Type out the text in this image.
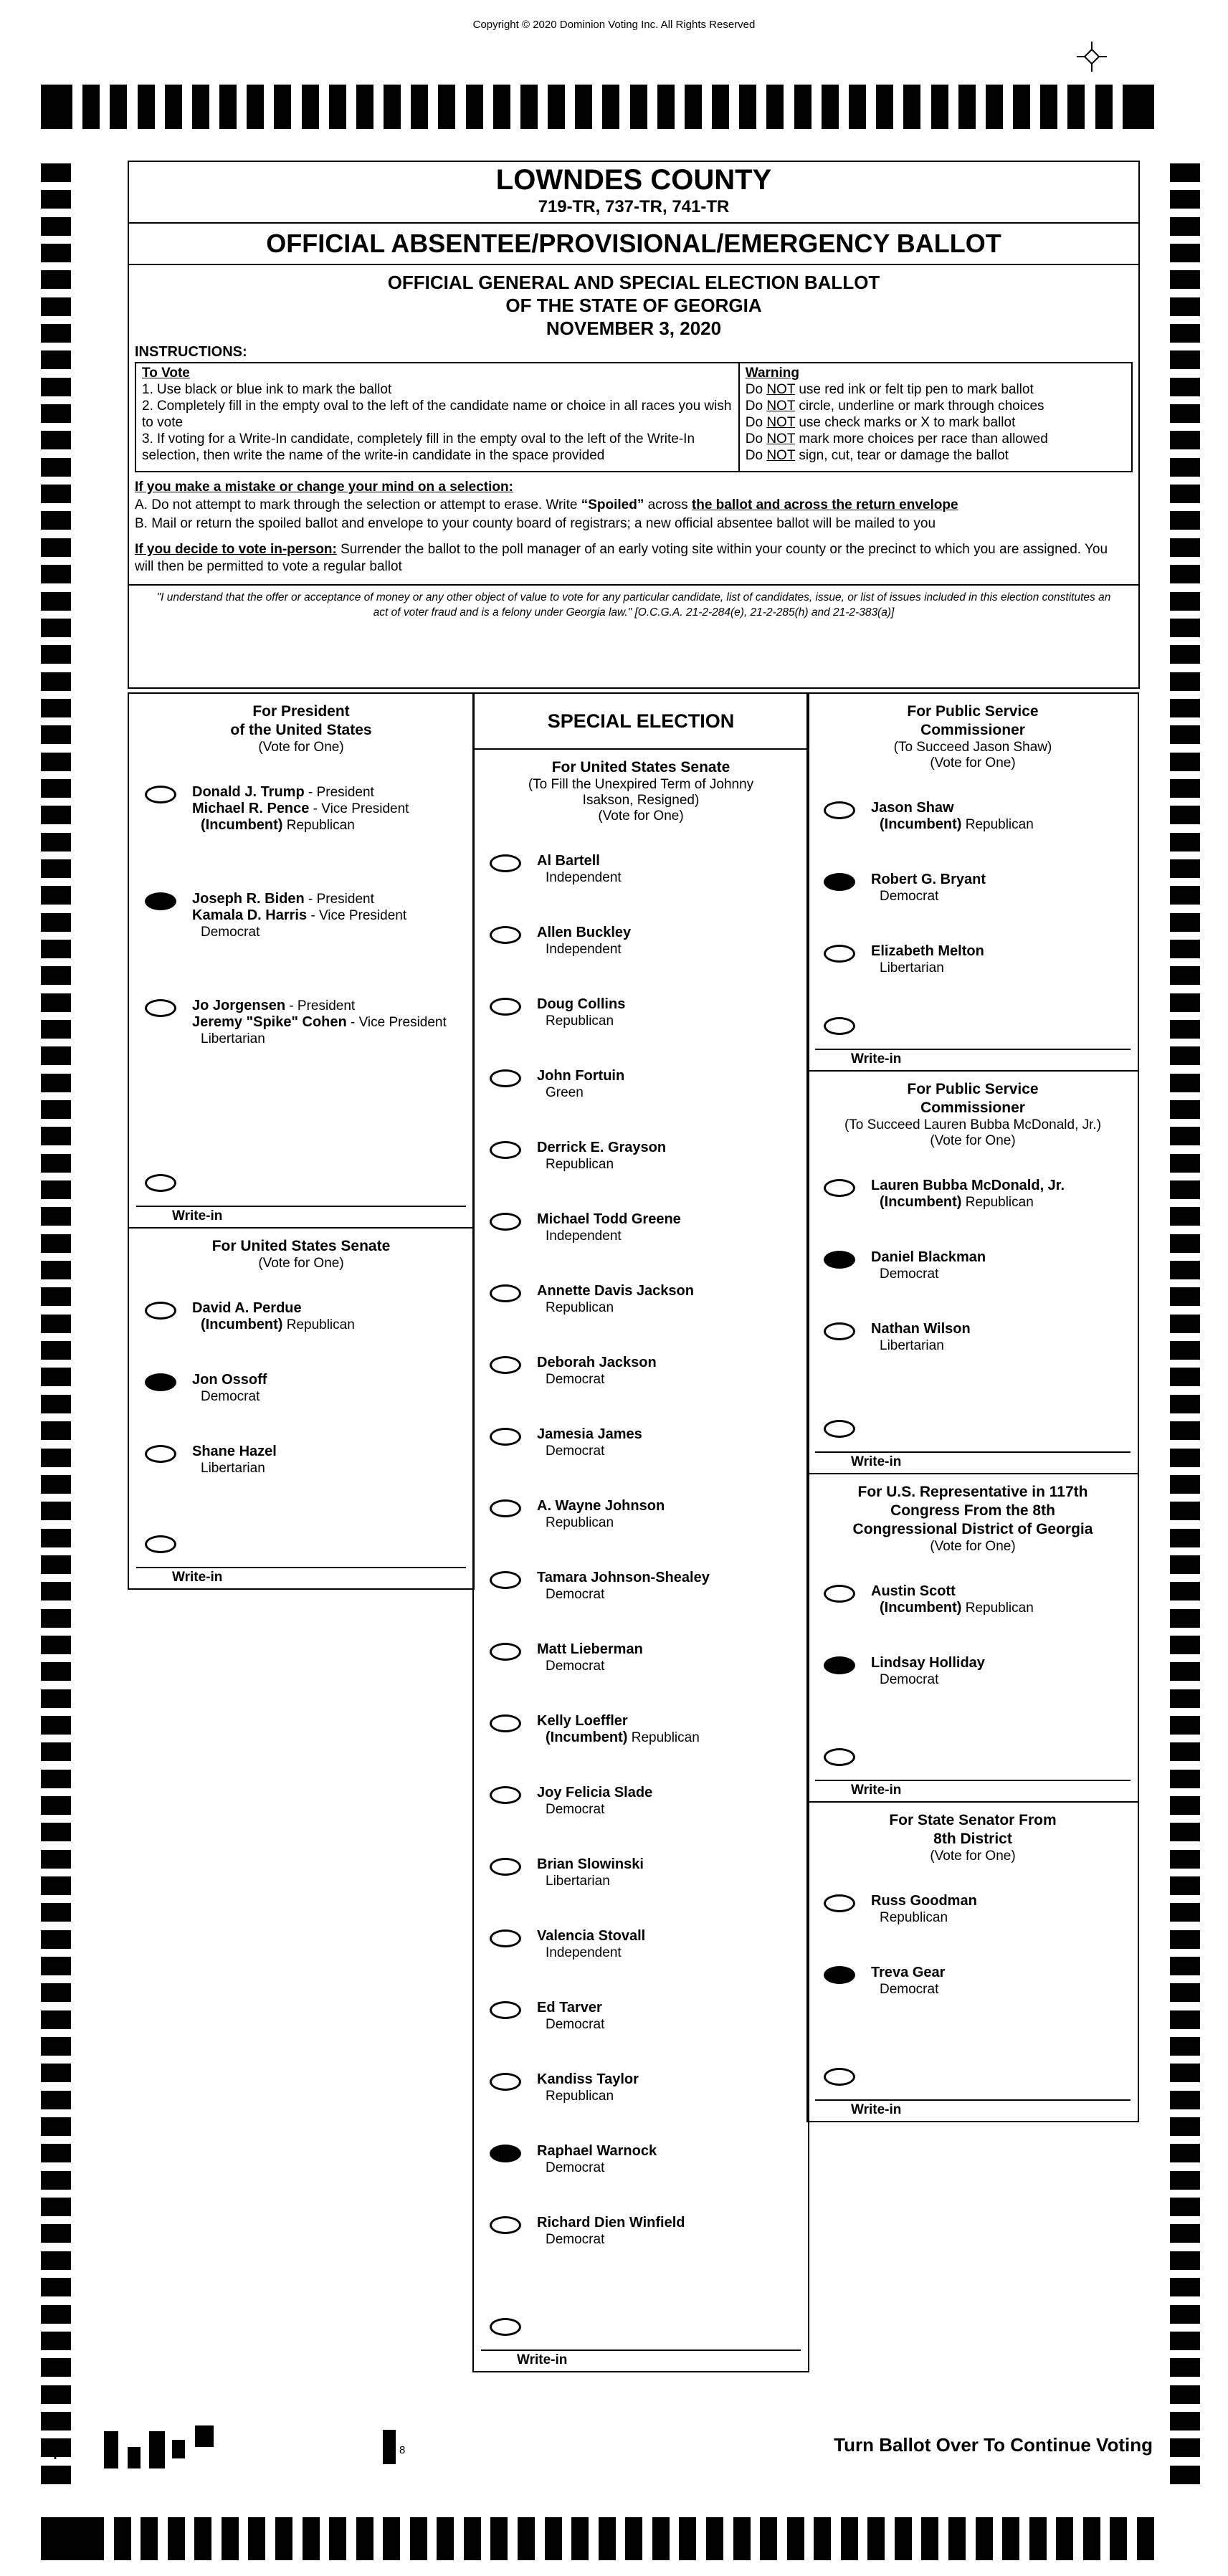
Copyright © 2020 Dominion Voting Inc. All Rights Reserved
LOWNDES COUNTY
719-TR, 737-TR, 741-TR
OFFICIAL ABSENTEE/PROVISIONAL/EMERGENCY BALLOT
OFFICIAL GENERAL AND SPECIAL ELECTION BALLOT
OF THE STATE OF GEORGIA
NOVEMBER 3, 2020
INSTRUCTIONS:
To Vote
1. Use black or blue ink to mark the ballot
2. Completely fill in the empty oval to the left of the candidate name or choice in all races you wish to vote
3. If voting for a Write-In candidate, completely fill in the empty oval to the left of the Write-In selection, then write the name of the write-in candidate in the space provided
Warning
Do NOT use red ink or felt tip pen to mark ballot
Do NOT circle, underline or mark through choices
Do NOT use check marks or X to mark ballot
Do NOT mark more choices per race than allowed
Do NOT sign, cut, tear or damage the ballot
If you make a mistake or change your mind on a selection:
A. Do not attempt to mark through the selection or attempt to erase. Write “Spoiled” across the ballot and across the return envelope
B. Mail or return the spoiled ballot and envelope to your county board of registrars; a new official absentee ballot will be mailed to you
If you decide to vote in-person: Surrender the ballot to the poll manager of an early voting site within your county or the precinct to which you are assigned. You will then be permitted to vote a regular ballot
"I understand that the offer or acceptance of money or any other object of value to vote for any particular candidate, list of candidates, issue, or list of issues included in this election constitutes an act of voter fraud and is a felony under Georgia law." [O.C.G.A. 21-2-284(e), 21-2-285(h) and 21-2-383(a)]
For President
of the United States
(Vote for One)
Donald J. Trump - President
Michael R. Pence - Vice President
(Incumbent) Republican
Joseph R. Biden - President
Kamala D. Harris - Vice President
Democrat
Jo Jorgensen - President
Jeremy "Spike" Cohen - Vice President
Libertarian
Write-in
For United States Senate
(Vote for One)
David A. Perdue
(Incumbent) Republican
Jon Ossoff
Democrat
Shane Hazel
Libertarian
Write-in
SPECIAL ELECTION
For United States Senate
(To Fill the Unexpired Term of Johnny
Isakson, Resigned)
(Vote for One)
Al Bartell
Independent
Allen Buckley
Independent
Doug Collins
Republican
John Fortuin
Green
Derrick E. Grayson
Republican
Michael Todd Greene
Independent
Annette Davis Jackson
Republican
Deborah Jackson
Democrat
Jamesia James
Democrat
A. Wayne Johnson
Republican
Tamara Johnson-Shealey
Democrat
Matt Lieberman
Democrat
Kelly Loeffler
(Incumbent) Republican
Joy Felicia Slade
Democrat
Brian Slowinski
Libertarian
Valencia Stovall
Independent
Ed Tarver
Democrat
Kandiss Taylor
Republican
Raphael Warnock
Democrat
Richard Dien Winfield
Democrat
Write-in
For Public Service
Commissioner
(To Succeed Jason Shaw)
(Vote for One)
Jason Shaw
(Incumbent) Republican
Robert G. Bryant
Democrat
Elizabeth Melton
Libertarian
Write-in
For Public Service
Commissioner
(To Succeed Lauren Bubba McDonald, Jr.)
(Vote for One)
Lauren Bubba McDonald, Jr.
(Incumbent) Republican
Daniel Blackman
Democrat
Nathan Wilson
Libertarian
Write-in
For U.S. Representative in 117th
Congress From the 8th
Congressional District of Georgia
(Vote for One)
Austin Scott
(Incumbent) Republican
Lindsay Holliday
Democrat
Write-in
For State Senator From
8th District
(Vote for One)
Russ Goodman
Republican
Treva Gear
Democrat
Write-in
+	8	Turn Ballot Over To Continue Voting
